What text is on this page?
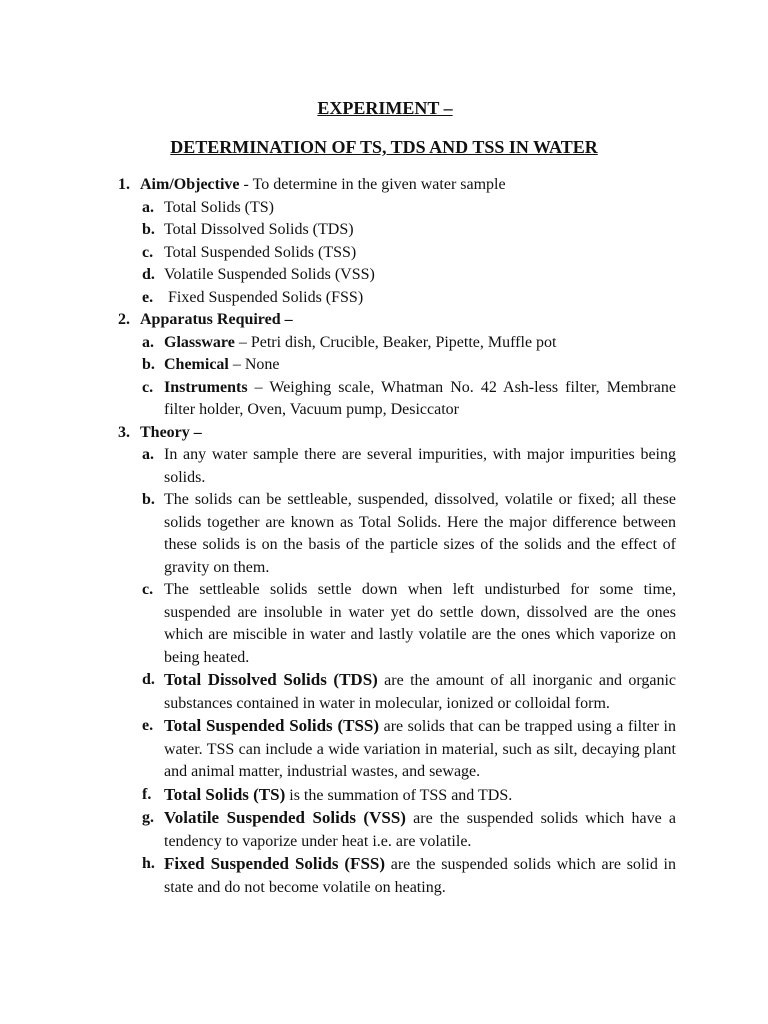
EXPERIMENT –
DETERMINATION OF TS, TDS AND TSS IN WATER
1. Aim/Objective - To determine in the given water sample
a. Total Solids (TS)
b. Total Dissolved Solids (TDS)
c. Total Suspended Solids (TSS)
d. Volatile Suspended Solids (VSS)
e. Fixed Suspended Solids (FSS)
2. Apparatus Required –
a. Glassware – Petri dish, Crucible, Beaker, Pipette, Muffle pot
b. Chemical – None
c. Instruments – Weighing scale, Whatman No. 42 Ash-less filter, Membrane filter holder, Oven, Vacuum pump, Desiccator
3. Theory –
a. In any water sample there are several impurities, with major impurities being solids.
b. The solids can be settleable, suspended, dissolved, volatile or fixed; all these solids together are known as Total Solids. Here the major difference between these solids is on the basis of the particle sizes of the solids and the effect of gravity on them.
c. The settleable solids settle down when left undisturbed for some time, suspended are insoluble in water yet do settle down, dissolved are the ones which are miscible in water and lastly volatile are the ones which vaporize on being heated.
d. Total Dissolved Solids (TDS) are the amount of all inorganic and organic substances contained in water in molecular, ionized or colloidal form.
e. Total Suspended Solids (TSS) are solids that can be trapped using a filter in water. TSS can include a wide variation in material, such as silt, decaying plant and animal matter, industrial wastes, and sewage.
f. Total Solids (TS) is the summation of TSS and TDS.
g. Volatile Suspended Solids (VSS) are the suspended solids which have a tendency to vaporize under heat i.e. are volatile.
h. Fixed Suspended Solids (FSS) are the suspended solids which are solid in state and do not become volatile on heating.
